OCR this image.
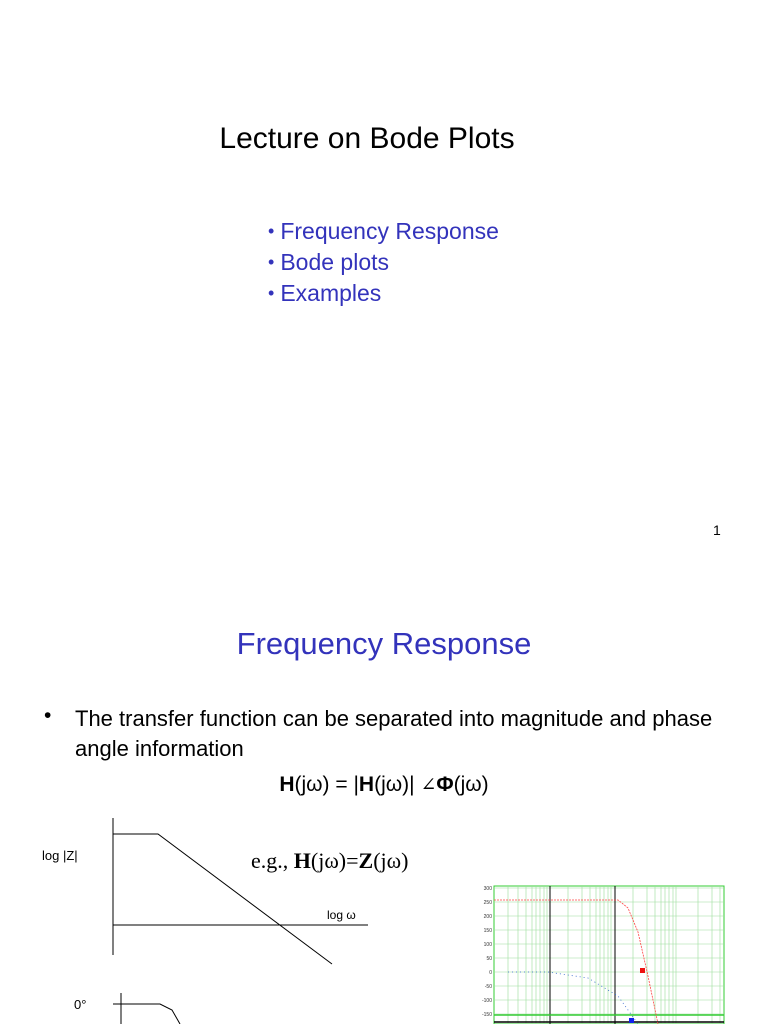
Lecture on Bode Plots
• Frequency Response
• Bode plots
• Examples
1
Frequency Response
• The transfer function can be separated into magnitude and phase angle information
H(jω) = |H(jω)| ∠Φ(jω)
e.g., H(jω)=Z(jω)
log |Z|
log ω
0°
300
250
200
150
100
50
0
-50
-100
-150
